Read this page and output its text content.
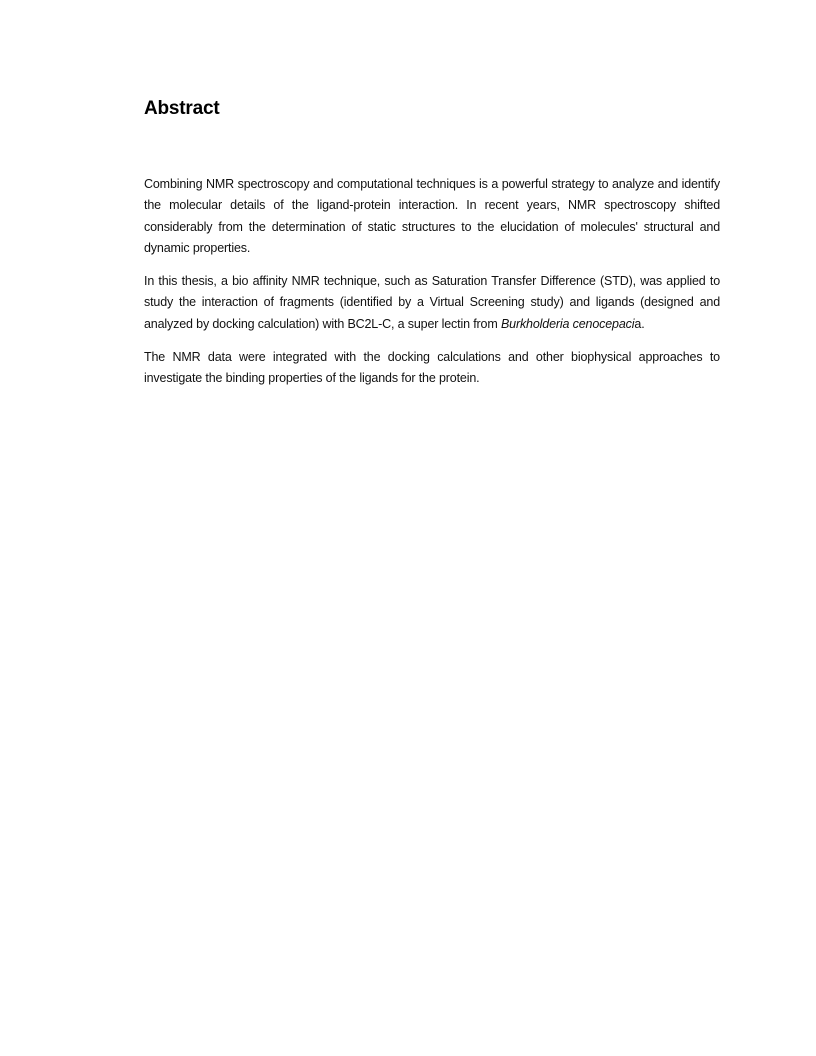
Abstract

Combining NMR spectroscopy and computational techniques is a powerful strategy to analyze and identify the molecular details of the ligand-protein interaction. In recent years, NMR spectroscopy shifted considerably from the determination of static structures to the elucidation of molecules' structural and dynamic properties.

In this thesis, a bio affinity NMR technique, such as Saturation Transfer Difference (STD), was applied to study the interaction of fragments (identified by a Virtual Screening study) and ligands (designed and analyzed by docking calculation) with BC2L-C, a super lectin from Burkholderia cenocepacia.

The NMR data were integrated with the docking calculations and other biophysical approaches to investigate the binding properties of the ligands for the protein.
